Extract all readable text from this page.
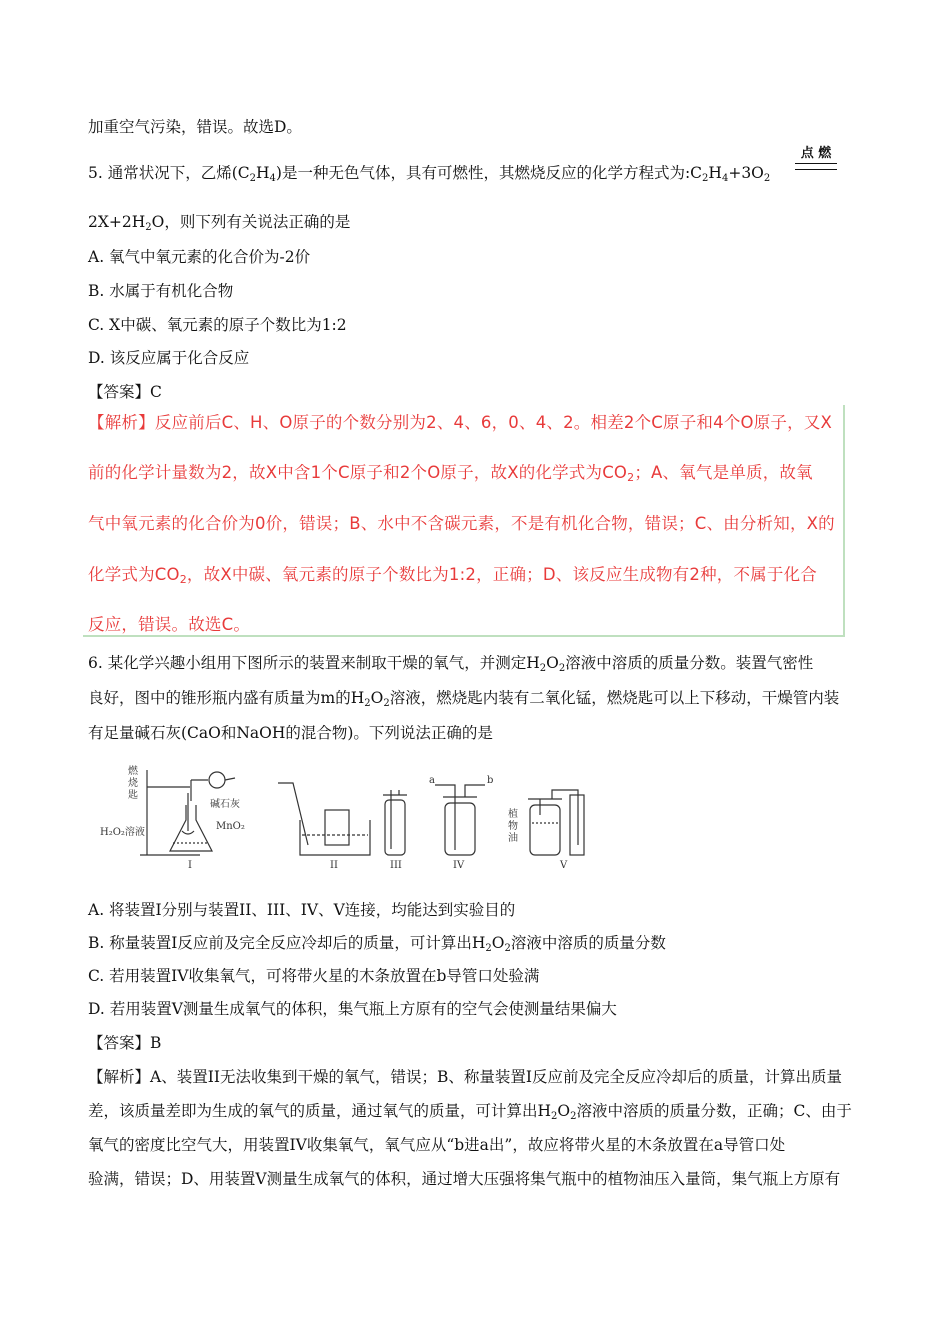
加重空气污染，错误。故选D。
5. 通常状况下，乙烯$(C_2H_4)$是一种无色气体，具有可燃性，其燃烧反应的化学方程式为$:C_2H_4+3O_2$
点 燃
$2X+2H_2O$，则下列有关说法正确的是
A. 氧气中氧元素的化合价为-2价
B. 水属于有机化合物
C. X中碳、氧元素的原子个数比为1:2
D. 该反应属于化合反应
【答案】C
【解析】反应前后C、H、O原子的个数分别为2、4、6，0、4、2。相差2个C原子和4个O原子，又X
前的化学计量数为2，故X中含1个C原子和2个O原子，故X的化学式为$CO_2$；A、氧气是单质，故氧
气中氧元素的化合价为0价，错误；B、水中不含碳元素，不是有机化合物，错误；C、由分析知，X的
化学式为$CO_2$，故X中碳、氧元素的原子个数比为1:2，正确；D、该反应生成物有2种，不属于化合
反应，错误。故选C。
6. 某化学兴趣小组用下图所示的装置来制取干燥的氧气，并测定$H_2O_2$溶液中溶质的质量分数。装置气密性
良好，图中的锥形瓶内盛有质量为m的$H_2O_2$溶液，燃烧匙内装有二氧化锰，燃烧匙可以上下移动，干燥管内装
有足量碱石灰(CaO和NaOH的混合物)。下列说法正确的是
燃
烧
匙
碱石灰
H₂O₂溶液
MnO₂
a	b
植
物
油
I	II	III	IV	V
A. 将装置I分别与装置II、III、IV、V连接，均能达到实验目的
B. 称量装置I反应前及完全反应冷却后的质量，可计算出$H_2O_2$溶液中溶质的质量分数
C. 若用装置IV收集氧气，可将带火星的木条放置在b导管口处验满
D. 若用装置V测量生成氧气的体积，集气瓶上方原有的空气会使测量结果偏大
【答案】B
【解析】A、装置II无法收集到干燥的氧气，错误；B、称量装置I反应前及完全反应冷却后的质量，计算出质量
差，该质量差即为生成的氧气的质量，通过氧气的质量，可计算出$H_2O_2$溶液中溶质的质量分数，正确；C、由于
氧气的密度比空气大，用装置IV收集氧气，氧气应从“b进a出”，故应将带火星的木条放置在a导管口处
验满，错误；D、用装置V测量生成氧气的体积，通过增大压强将集气瓶中的植物油压入量筒，集气瓶上方原有
